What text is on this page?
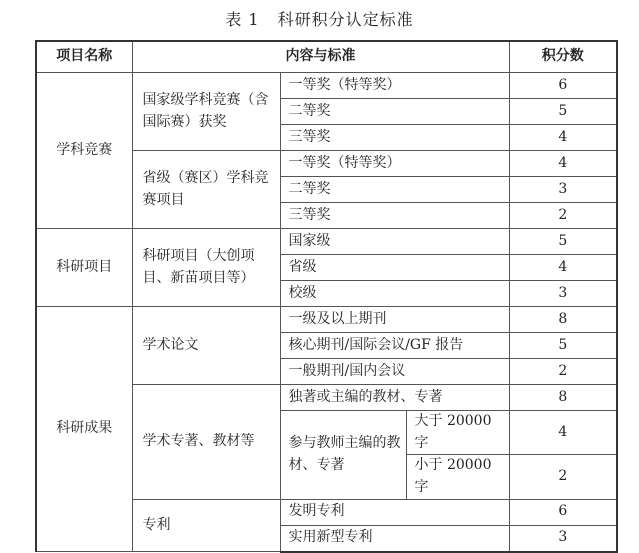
表 1 科研积分认定标准
项目名称	内容与标准			积分数
学科竞赛	国家级学科竞赛（含国际赛）获奖	一等奖（特等奖）		6
		二等奖		5
		三等奖		4
	省级（赛区）学科竞赛项目	一等奖（特等奖）		4
		二等奖		3
		三等奖		2
科研项目	科研项目（大创项目、新苗项目等）	国家级		5
		省级		4
		校级		3
科研成果	学术论文	一级及以上期刊		8
		核心期刊/国际会议/GF 报告		5
		一般期刊/国内会议		2
	学术专著、教材等	独著或主编的教材、专著		8
		参与教师主编的教材、专著	大于 20000 字	4
			小于 20000 字	2
	专利	发明专利		6
		实用新型专利		3
